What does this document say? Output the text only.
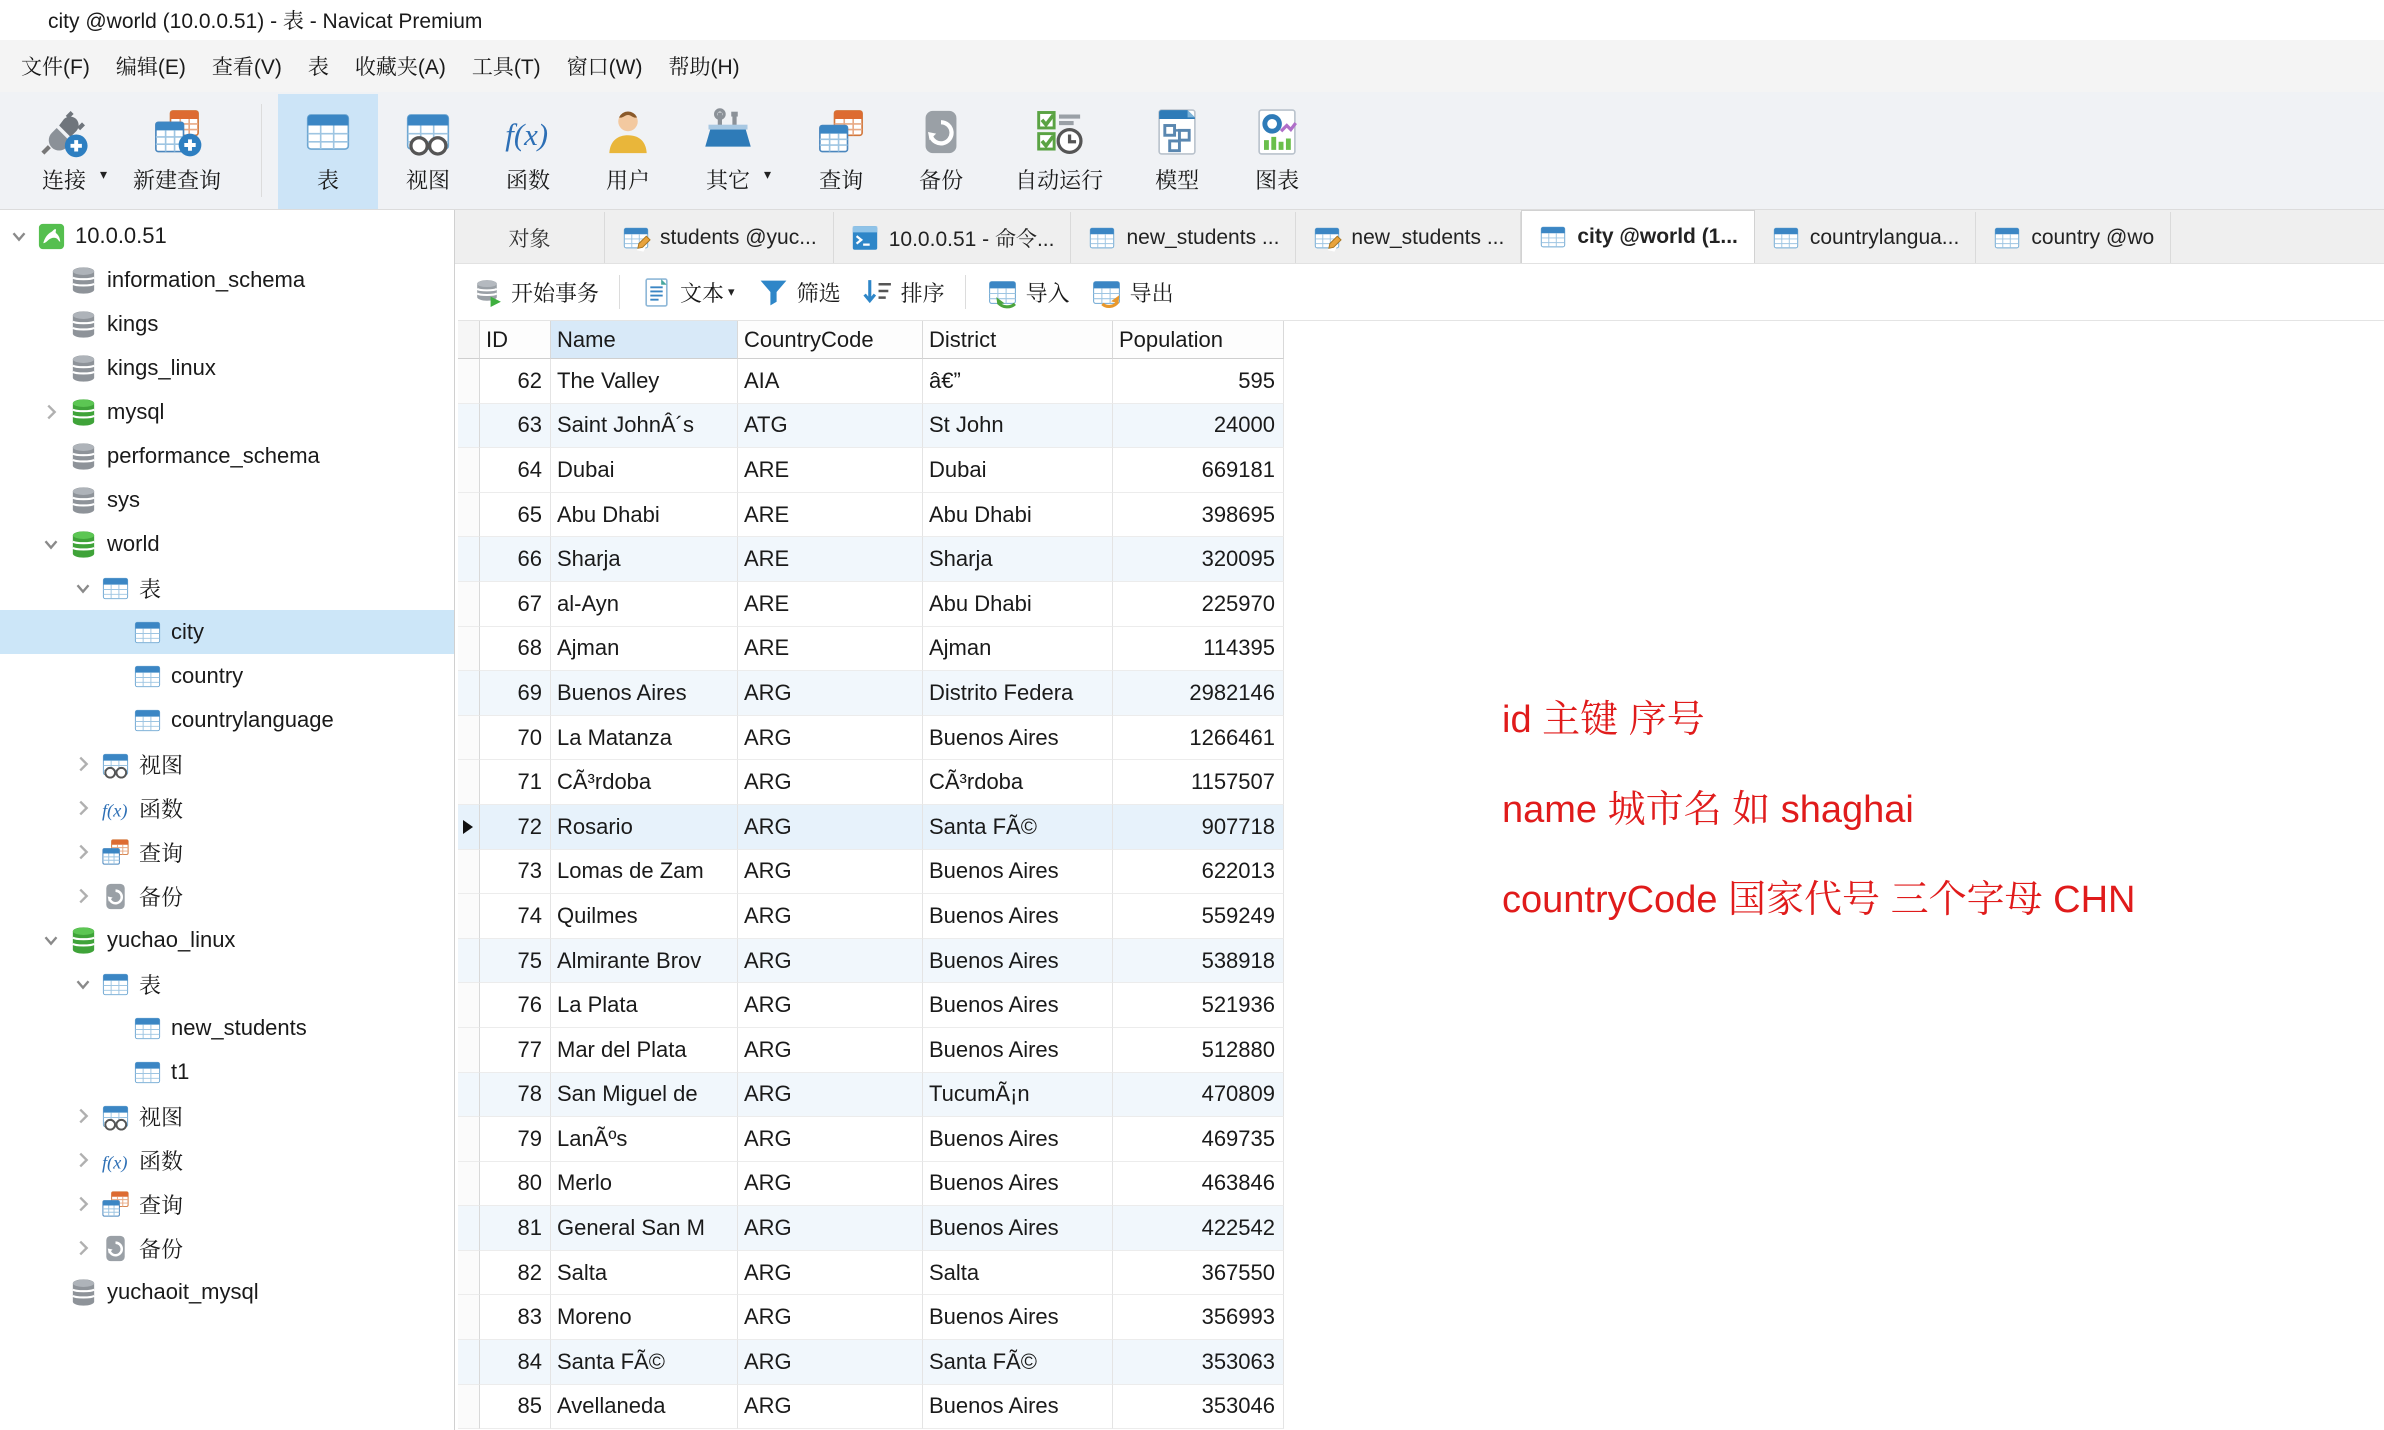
city @world (10.0.0.51) - 表 - Navicat Premium
文件(F)	编辑(E)	查看(V)	表	收藏夹(A)	工具(T)	窗口(W)	帮助(H)
连接 ▾ 新建查询	表	视图
f(x)
函数	用户	其它 ▾ 查询	备份 自动运行 模型	图表
10.0.0.51
information_schema
kings
kings_linux
mysql
performance_schema
sys
world
表
city
country
countrylanguage
视图
f(x) 函数
查询
备份
yuchao_linux
表
new_students
t1
视图
f(x) 函数
查询
备份
yuchaoit_mysql
对象	students @yuc...	10.0.0.51 - 命令...	new_students ...	new_students ...	city @world (1...	countrylangua...	country @wo
开始事务	文本 ▾	筛选	排序	导入	导出
ID	Name	CountryCode	District	Population
62 The Valley	AIA	â€”	595
63 Saint JohnÂ´s	ATG	St John	24000
64 Dubai	ARE	Dubai	669181
65 Abu Dhabi	ARE	Abu Dhabi	398695
66 Sharja	ARE	Sharja	320095
67 al-Ayn	ARE	Abu Dhabi	225970
68 Ajman	ARE	Ajman	114395
69 Buenos Aires	ARG	Distrito Federa	2982146
70 La Matanza	ARG	Buenos Aires	1266461
71 CÃ³rdoba	ARG	CÃ³rdoba	1157507
72 Rosario	ARG	Santa FÃ©	907718
73 Lomas de Zam	ARG	Buenos Aires	622013
74 Quilmes	ARG	Buenos Aires	559249
75 Almirante Brov	ARG	Buenos Aires	538918
76 La Plata	ARG	Buenos Aires	521936
77 Mar del Plata	ARG	Buenos Aires	512880
78 San Miguel de	ARG	TucumÃ¡n	470809
79 LanÃºs	ARG	Buenos Aires	469735
80 Merlo	ARG	Buenos Aires	463846
81 General San M	ARG	Buenos Aires	422542
82 Salta	ARG	Salta	367550
83 Moreno	ARG	Buenos Aires	356993
84 Santa FÃ©	ARG	Santa FÃ©	353063
85 Avellaneda	ARG	Buenos Aires	353046
id 主键 序号
name 城市名 如 shaghai
countryCode 国家代号 三个字母 CHN
